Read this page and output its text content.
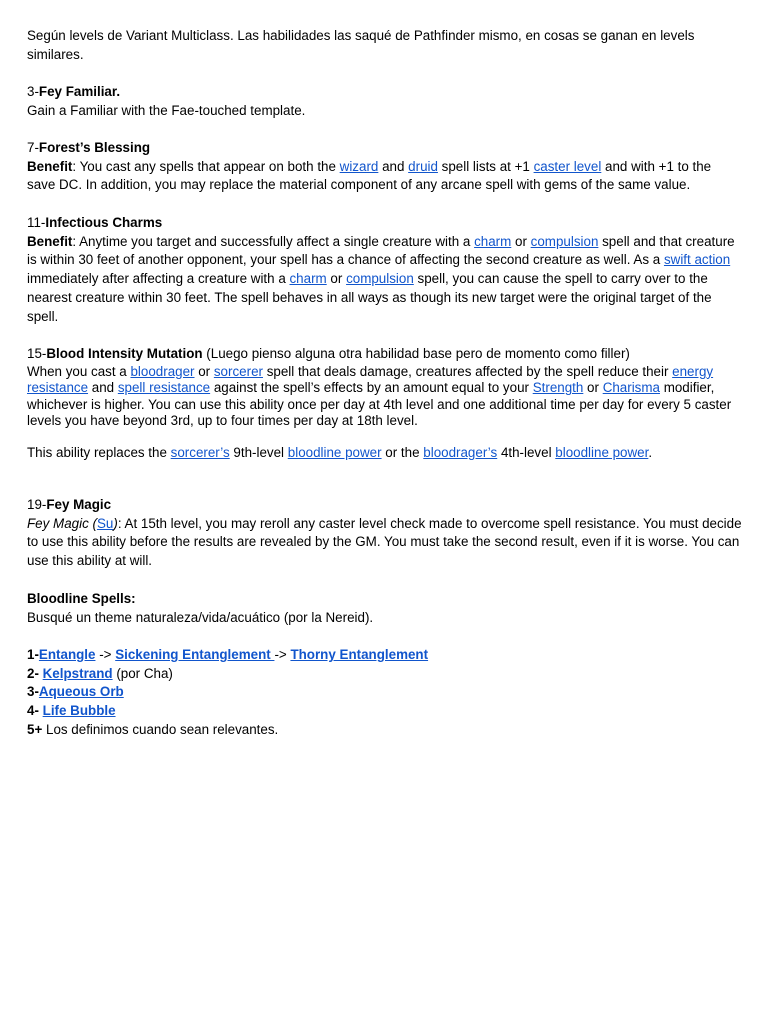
Según levels de Variant Multiclass. Las habilidades las saqué de Pathfinder mismo, en cosas se ganan en levels similares.
3-Fey Familiar.
Gain a Familiar with the Fae-touched template.
7-Forest’s Blessing
Benefit: You cast any spells that appear on both the wizard and druid spell lists at +1 caster level and with +1 to the save DC. In addition, you may replace the material component of any arcane spell with gems of the same value.
11-Infectious Charms
Benefit: Anytime you target and successfully affect a single creature with a charm or compulsion spell and that creature is within 30 feet of another opponent, your spell has a chance of affecting the second creature as well. As a swift action immediately after affecting a creature with a charm or compulsion spell, you can cause the spell to carry over to the nearest creature within 30 feet. The spell behaves in all ways as though its new target were the original target of the spell.
15-Blood Intensity Mutation (Luego pienso alguna otra habilidad base pero de momento como filler)
When you cast a bloodrager or sorcerer spell that deals damage, creatures affected by the spell reduce their energy resistance and spell resistance against the spell’s effects by an amount equal to your Strength or Charisma modifier, whichever is higher. You can use this ability once per day at 4th level and one additional time per day for every 5 caster levels you have beyond 3rd, up to four times per day at 18th level.
This ability replaces the sorcerer’s 9th-level bloodline power or the bloodrager’s 4th-level bloodline power.
19-Fey Magic
Fey Magic (Su): At 15th level, you may reroll any caster level check made to overcome spell resistance. You must decide to use this ability before the results are revealed by the GM. You must take the second result, even if it is worse. You can use this ability at will.
Bloodline Spells:
Busqué un theme naturaleza/vida/acuático (por la Nereid).
1-Entangle -> Sickening Entanglement -> Thorny Entanglement
2- Kelpstrand (por Cha)
3-Aqueous Orb
4- Life Bubble
5+ Los definimos cuando sean relevantes.
